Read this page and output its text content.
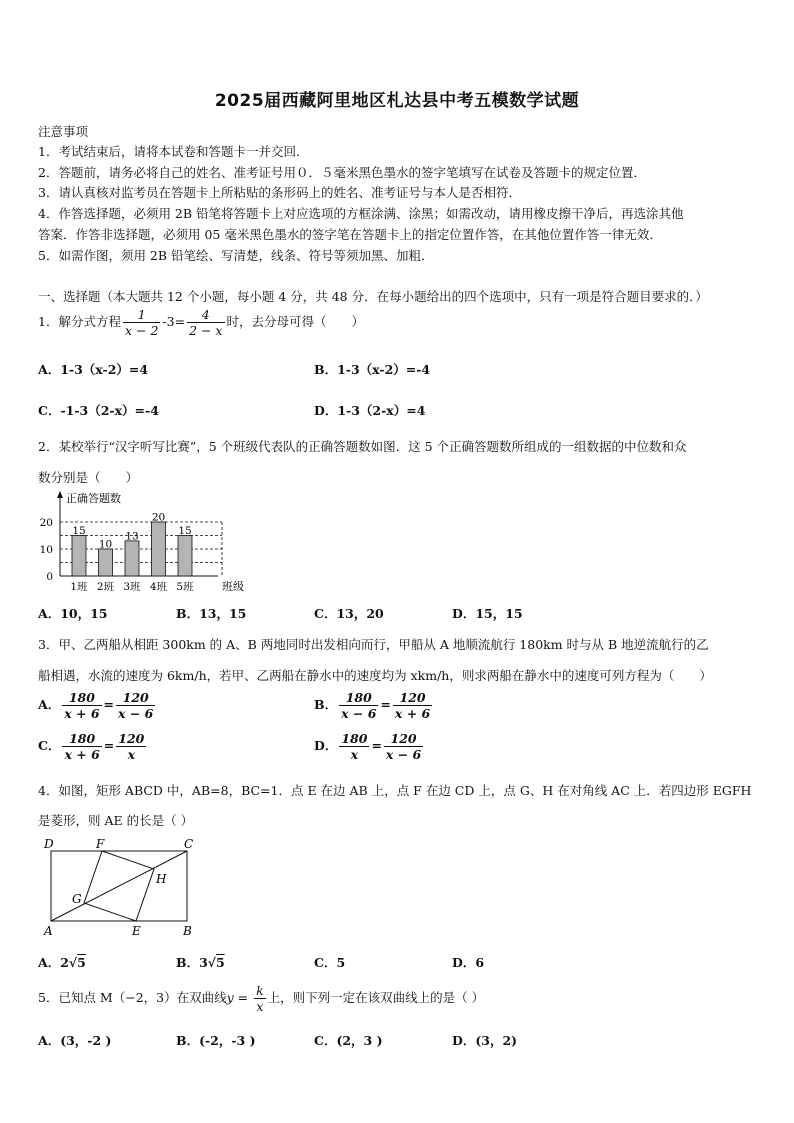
2025届西藏阿里地区札达县中考五模数学试题
注意事项
1．考试结束后，请将本试卷和答题卡一并交回．
2．答题前，请务必将自己的姓名、准考证号用０．５毫米黑色墨水的签字笔填写在试卷及答题卡的规定位置．
3．请认真核对监考员在答题卡上所粘贴的条形码上的姓名、准考证号与本人是否相符．
4．作答选择题，必须用 2B 铅笔将答题卡上对应选项的方框涂满、涂黑；如需改动，请用橡皮擦干净后，再选涂其他
答案．作答非选择题，必须用 05 毫米黑色墨水的签字笔在答题卡上的指定位置作答，在其他位置作答一律无效．
5．如需作图，须用 2B 铅笔绘、写清楚，线条、符号等须加黑、加粗．
一、选择题（本大题共 12 个小题，每小题 4 分，共 48 分．在每小题给出的四个选项中，只有一项是符合题目要求的．）
1．解分式方程 $\frac{1}{x - 2} -3= \frac{4}{2 - x}$ 时，去分母可得（　　）
A．1-3（x-2）=4	B．1-3（x-2）=-4
C．-1-3（2-x）=-4	D．1-3（2-x）=4
2．某校举行“汉字听写比赛”，5 个班级代表队的正确答题数如图．这 5 个正确答题数所组成的一组数据的中位数和众
数分别是（　　）
15
10
13
20
15
0
10
20
1班 2班 3班 4班 5班
正确答题数
班级
A．10，15	B．13，15	C．13，20	D．15，15
3．甲、乙两船从相距 300km 的 A、B 两地同时出发相向而行，甲船从 A 地顺流航行 180km 时与从 B 地逆流航行的乙
船相遇，水流的速度为 6km/h，若甲、乙两船在静水中的速度均为 xkm/h，则求两船在静水中的速度可列方程为（　　）
A． $\frac{180}{x + 6} = \frac{120}{x - 6}$	B． $\frac{180}{x - 6} = \frac{120}{x + 6}$
C． $\frac{180}{x + 6} = \frac{120}{x}$	D． $\frac{180}{x} = \frac{120}{x - 6}$
4．如图，矩形 ABCD 中，AB=8，BC=1．点 E 在边 AB 上，点 F 在边 CD 上，点 G、H 在对角线 AC 上．若四边形 EGFH
是菱形，则 AE 的长是（ ）
D	F	C
H
G
A	E	B
A．2√5	B．3√5	C．5	D．6
5．已知点 M（−2，3）在双曲线$y = \frac{k}{x}$ 上，则下列一定在该双曲线上的是（ ）
A．(3，-2 )	B．(-2，-3 )	C．(2，3 )	D．(3，2)
